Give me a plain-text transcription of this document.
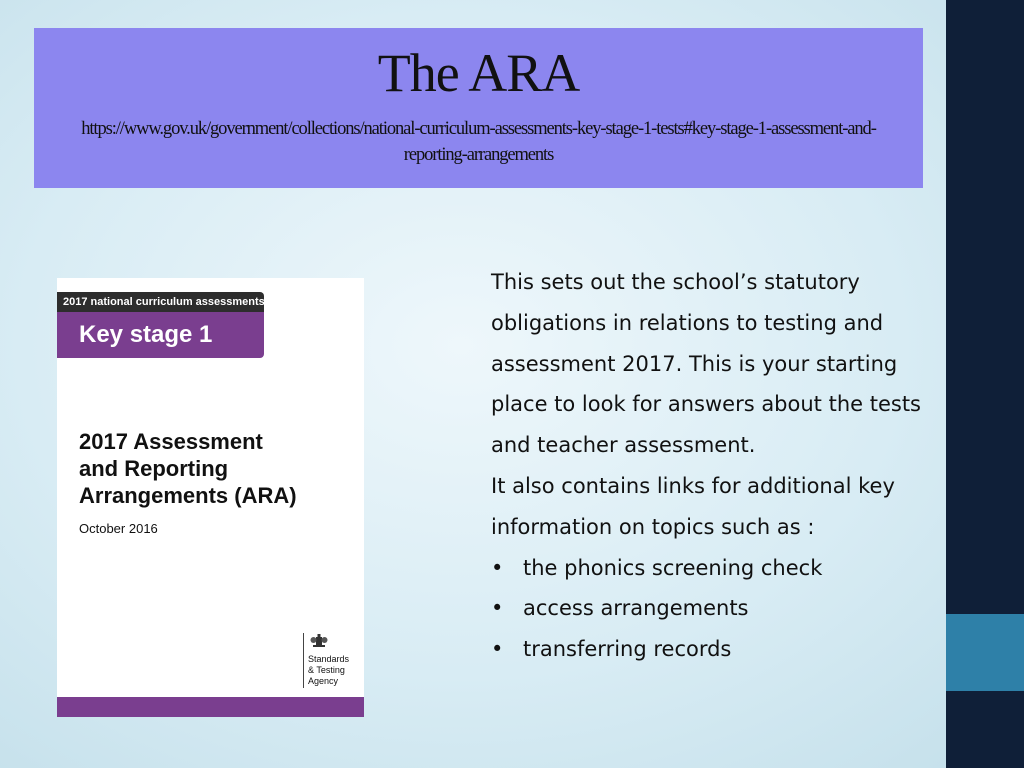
The ARA
https://www.gov.uk/government/collections/national-curriculum-assessments-key-stage-1-tests#key-stage-1-assessment-and-reporting-arrangements
2017 national curriculum assessments
Key stage 1
2017 Assessment
and Reporting
Arrangements (ARA)
October 2016
Standards
& Testing
Agency
This sets out the school’s statutory
obligations in relations to testing and
assessment 2017. This is your starting
place to look for answers about the tests
and teacher assessment.
It also contains links for additional key
information on topics such as :
• the phonics screening check
• access arrangements
• transferring records
